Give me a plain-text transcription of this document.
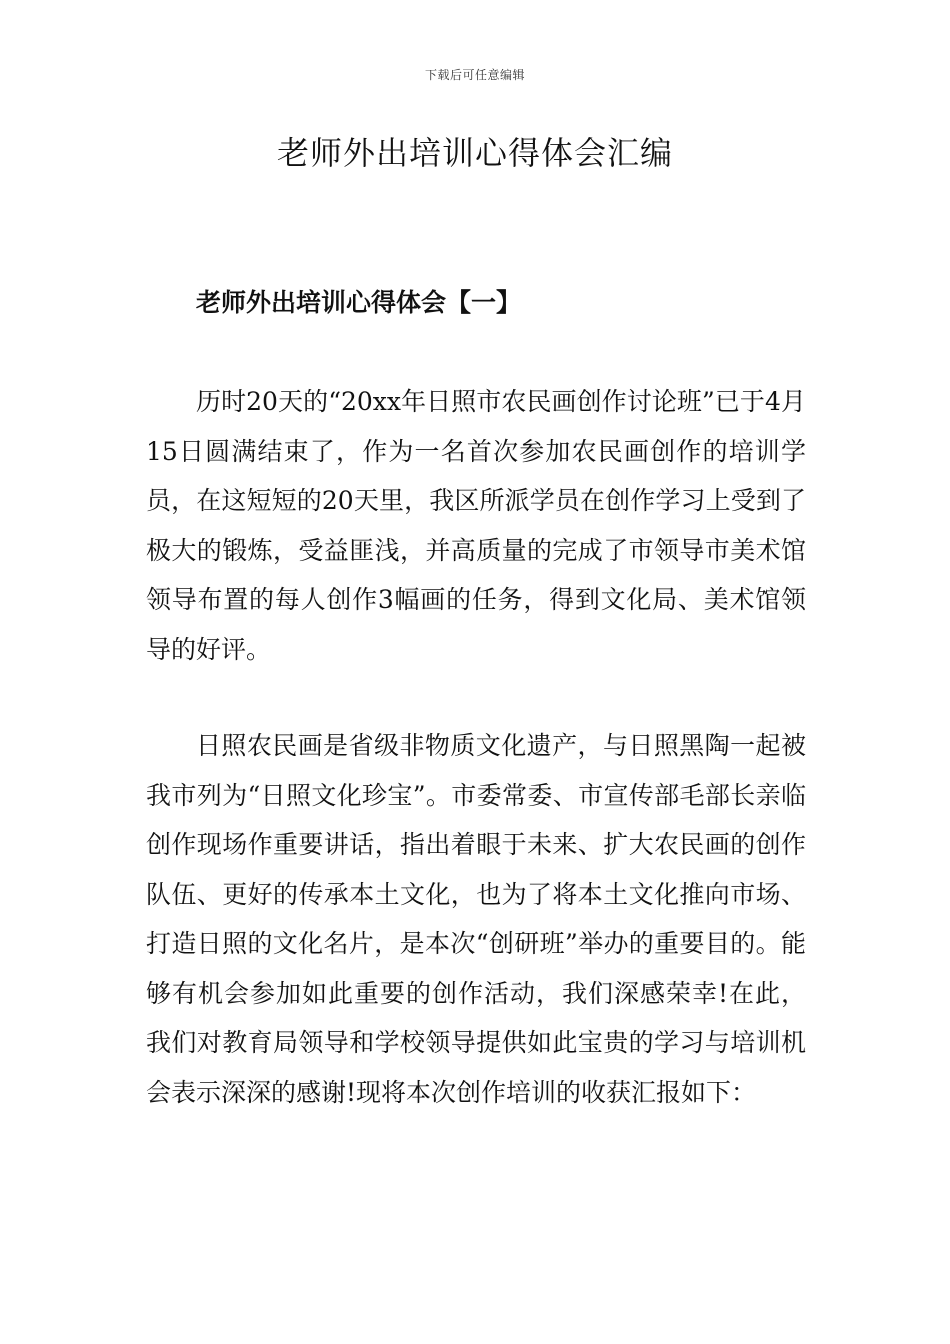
下载后可任意编辑
老师外出培训心得体会汇编
老师外出培训心得体会【一】

历时20天的“20xx年日照市农民画创作讨论班”已于4月15日圆满结束了，作为一名首次参加农民画创作的培训学员，在这短短的20天里，我区所派学员在创作学习上受到了极大的锻炼，受益匪浅，并高质量的完成了市领导市美术馆领导布置的每人创作3幅画的任务，得到文化局、美术馆领导的好评。

日照农民画是省级非物质文化遗产，与日照黑陶一起被我市列为“日照文化珍宝”。市委常委、市宣传部毛部长亲临创作现场作重要讲话，指出着眼于未来、扩大农民画的创作队伍、更好的传承本土文化，也为了将本土文化推向市场、打造日照的文化名片，是本次“创研班”举办的重要目的。能够有机会参加如此重要的创作活动，我们深感荣幸!在此，我们对教育局领导和学校领导提供如此宝贵的学习与培训机会表示深深的感谢!现将本次创作培训的收获汇报如下：
